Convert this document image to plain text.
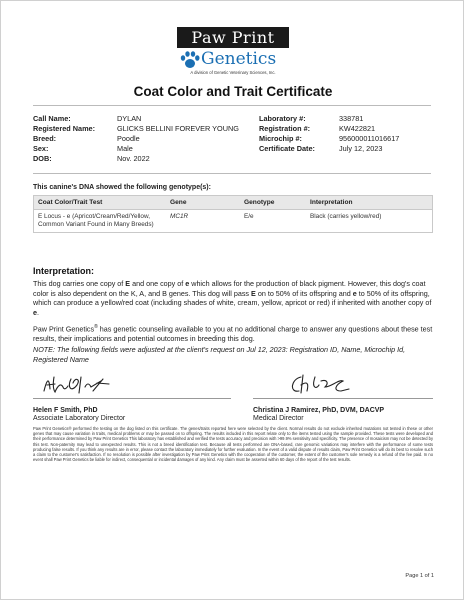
Paw Print
Genetics
A division of Genetic Veterinary Sciences, Inc.
Coat Color and Trait Certificate
Call Name:	DYLAN
Registered Name:	GLICKS BELLINI FOREVER YOUNG
Breed:	Poodle
Sex:	Male
DOB:	Nov. 2022
Laboratory #:	338781
Registration #:	KW422821
Microchip #:	956000011016617
Certificate Date:	July 12, 2023
This canine's DNA showed the following genotype(s):
Coat Color/Trait Test	Gene	Genotype	Interpretation
E Locus - e (Apricot/Cream/Red/Yellow, Common Variant Found in Many Breeds)	MC1R	E/e	Black (carries yellow/red)
Interpretation:
This dog carries one copy of E and one copy of e which allows for the production of black pigment. However, this dog's coat color is also dependent on the K, A, and B genes. This dog will pass E on to 50% of its offspring and e to 50% of its offspring, which can produce a yellow/red coat (including shades of white, cream, yellow, apricot or red) if inherited with another copy of e.
Paw Print Genetics® has genetic counseling available to you at no additional charge to answer any questions about these test results, their implications and potential outcomes in breeding this dog.
NOTE: The following fields were adjusted at the client's request on Jul 12, 2023: Registration ID, Name, Microchip Id, Registered Name
Helen F Smith, PhD
Associate Laboratory Director
Christina J Ramirez, PhD, DVM, DACVP
Medical Director
Paw Print Genetics® performed the testing on the dog listed on this certificate. The genes/traits reported here were selected by the client. Normal results do not exclude inherited mutations not tested in these or other genes that may cause variation in traits, medical problems or may be passed on to offspring. The results included in this report relate only to the items tested using the sample provided. These tests were developed and their performance determined by Paw Print Genetics This laboratory has established and verified the tests accuracy and precision with >99.9% sensitivity and specificity. The presence of mosaicism may not be detected by this test. Non-paternity may lead to unexpected results. This is not a breed identification test. Because all tests performed are DNA-based, rare genomic variations may interfere with the performance of some tests producing false results. If you think any results are in error, please contact the laboratory immediately for further evaluation. In the event of a valid dispute of results claim, Paw Print Genetics will do its best to resolve such a claim to the customer's satisfaction. If no resolution is possible after investigation by Paw Print Genetics with the cooperation of the customer, the extent of the customer's sole remedy is a refund of the fee paid. In no event shall Paw Print Genetics be liable for indirect, consequential or incidental damages of any kind. Any claim must be asserted within 60 days of the report of the test results.
Page 1 of 1
